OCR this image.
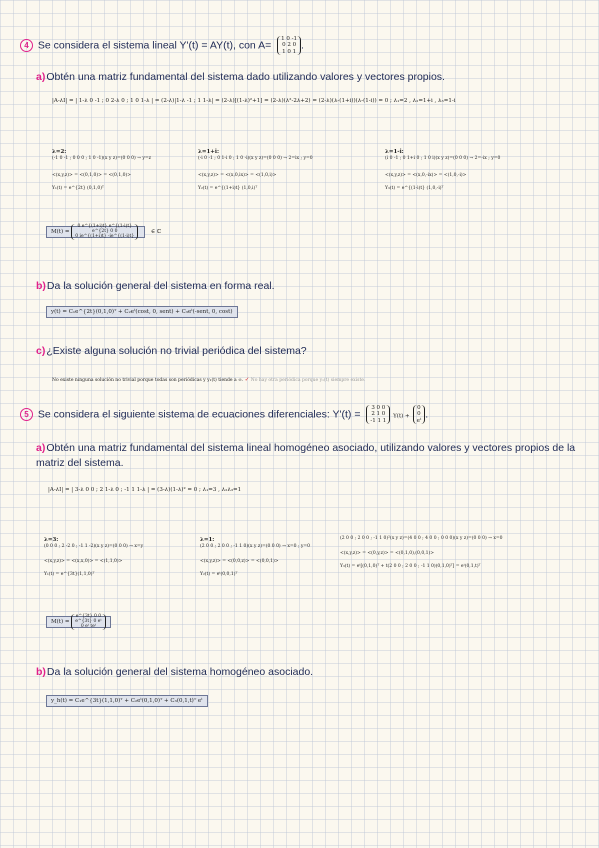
4 Se considera el sistema lineal Y'(t) = AY(t), con A=
1 0 -1
0 2 0
1 0 1
.
a)Obtén una matriz fundamental del sistema dado utilizando valores y vectores propios.
|A-λI| = | 1-λ 0 -1 ; 0 2-λ 0 ; 1 0 1-λ | = (2-λ)|1-λ -1 ; 1 1-λ| = (2-λ)[(1-λ)²+1] = (2-λ)(λ²-2λ+2) = (2-λ)(λ-(1+i))(λ-(1-i)) = 0 ; λ₁=2 , λ₂=1+i , λ₃=1-i
λ=2:
(-1 0 -1 ; 0 0 0 ; 1 0 -1)(x y z)=(0 0 0) → y=z
<(x,y,z)> = <(0,1,0)> = <(0,1,0)>
Y₁(t) = e^{2t} (0,1,0)ᵀ
λ=1+i:
(-i 0 -1 ; 0 1-i 0 ; 1 0 -i)(x y z)=(0 0 0) → 2=ix ; y=0
<(x,y,z)> = <(x,0,ix)> = <(1,0,i)>
Y₂(t) = e^{(1+i)t} (1,0,i)ᵀ
λ=1-i:
(i 0 -1 ; 0 1+i 0 ; 1 0 i)(x y z)=(0 0 0) → 2=-ix ; y=0
<(x,y,z)> = <(x,0,-ix)> = <(1,0,-i)>
Y₃(t) = e^{(1-i)t} (1,0,-i)ᵀ
M(t) =
0 e^{(1+i)t} e^{(1-i)t}
e^{2t} 0 0
0 ie^{(1+i)t} -ie^{(1-i)t}
∈ ℂ
b)Da la solución general del sistema en forma real.
y(t) = C₁e^{2t}(0,1,0)ᵀ + C₂eᵗ(cost, 0, sent) + C₃eᵗ(-sent, 0, cost)
c)¿Existe alguna solución no trivial periódica del sistema?
No existe ninguna solución no trivial porque todas son periódicas y y₁(t) tiende a ∞. ✓ No hay otra periódica porque y₁(t) siempre existe.
5 Se considera el siguiente sistema de ecuaciones diferenciales: Y'(t) =
3 0 0
2 1 0
-1 1 1
Y(t) +
0
0
eᵗ
.
a)Obtén una matriz fundamental del sistema lineal homogéneo asociado, utilizando valores y vectores propios de la matriz del sistema.
|A-λI| = | 3-λ 0 0 ; 2 1-λ 0 ; -1 1 1-λ | = (3-λ)(1-λ)² = 0 ; λ₁=3 , λ₂λ₃=1
λ=3:
(0 0 0 ; 2 -2 0 ; -1 1 -2)(x y z)=(0 0 0) → x=y
<(x,y,z)> = <(x,x,0)> = <(1,1,0)>
Y₁(t) = e^{3t}(1,1,0)ᵀ
λ=1:
(2 0 0 ; 2 0 0 ; -1 1 0)(x y z)=(0 0 0) → x=0 ; y=0
<(x,y,z)> = <(0,0,z)> = <(0,0,1)>
Y₂(t) = eᵗ(0,0,1)ᵀ
(2 0 0 ; 2 0 0 ; -1 1 0)²(x y z)=(4 0 0 ; 4 0 0 ; 0 0 0)(x y z)=(0 0 0) → x=0
<(x,y,z)> = <(0,y,z)> = <(0,1,0),(0,0,1)>
Y₃(t) = eᵗ[(0,1,0)ᵀ + t(2 0 0 ; 2 0 0 ; -1 1 0)(0,1,0)ᵀ] = eᵗ(0,1,t)ᵀ
M(t) =
e^{3t} 0 0
e^{3t} 0 eᵗ
0 eᵗ teᵗ
b)Da la solución general del sistema homogéneo asociado.
y_h(t) = C₁e^{3t}(1,1,0)ᵀ + C₂eᵗ(0,1,0)ᵀ + C₃(0,1,t)ᵀ eᵗ
